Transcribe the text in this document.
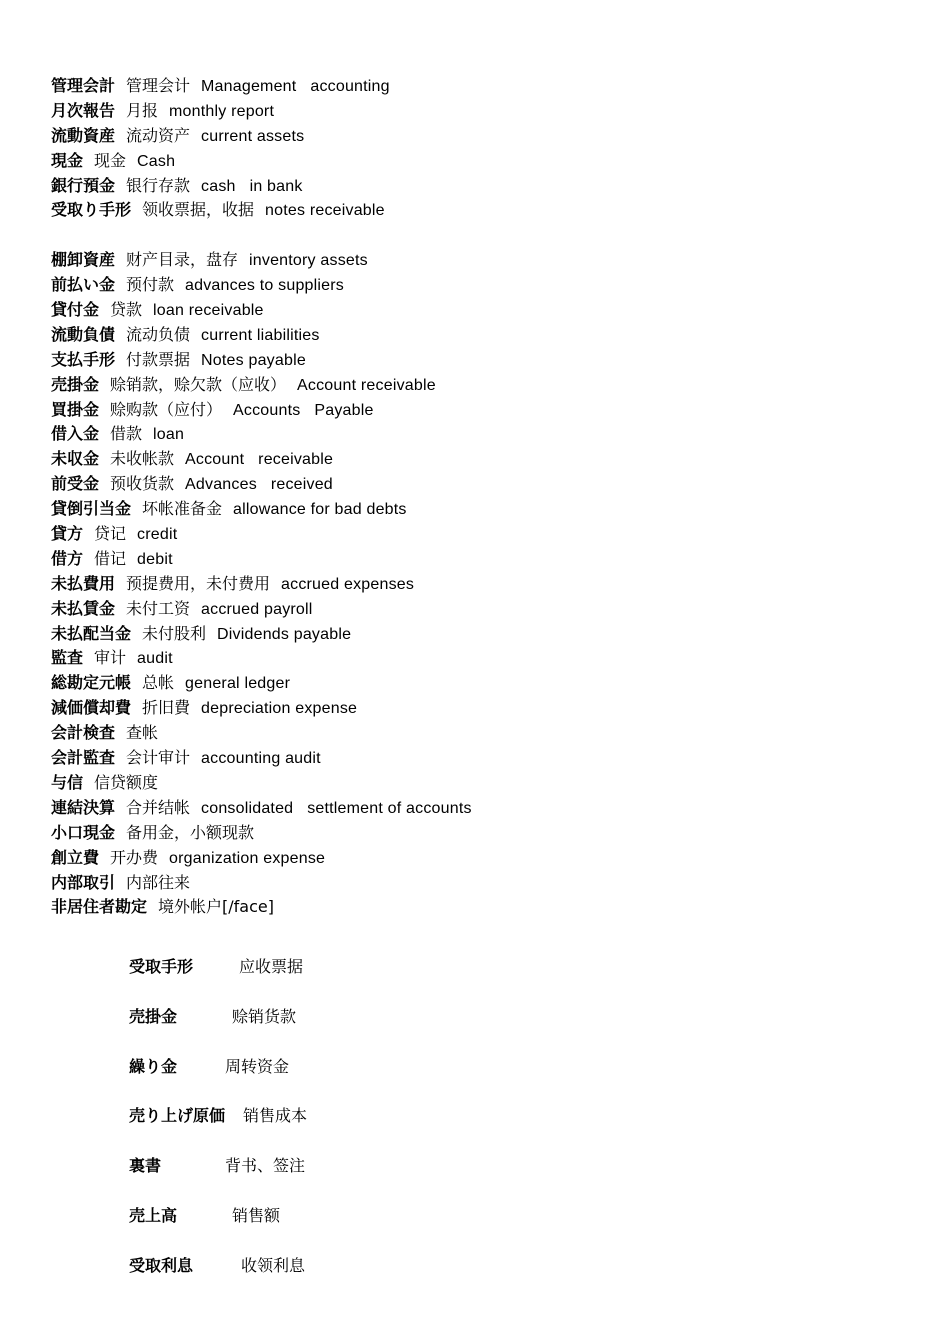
管理会計 管理会计 Management   accounting
月次報告 月报 monthly report
流動資産 流动资产 current assets
現金 现金 Cash
銀行預金 银行存款 cash   in bank
受取り手形 领收票据，收据 notes receivable
棚卸資産 财产目录，盘存 inventory assets
前払い金 预付款 advances to suppliers
貸付金 贷款 loan receivable
流動負債 流动负债 current liabilities
支払手形 付款票据 Notes payable
売掛金 赊销款，赊欠款（应收） Account receivable
買掛金 赊购款（应付） Accounts   Payable
借入金 借款 loan
未収金 未收帐款 Account   receivable
前受金 预收货款 Advances   received
貸倒引当金 坏帐准备金 allowance for bad debts
貸方 贷记 credit
借方 借记 debit
未払費用 预提费用，未付费用 accrued expenses
未払賃金 未付工资 accrued payroll
未払配当金 未付股利 Dividends payable
監査 审计 audit
総勘定元帳 总帐 general ledger
減価償却費 折旧費 depreciation expense
会計検査 查帐
会計監査 会计审计 accounting audit
与信 信贷额度
連結決算 合并结帐 consolidated   settlement of accounts
小口現金 备用金，小额现款
創立費 开办费 organization expense
内部取引 内部往来
非居住者勘定 境外帐户[/face]
受取手形	应收票据
売掛金	赊销货款
繰り金	周转资金
売り上げ原価 销售成本
裏書	背书、签注
売上高	销售额
受取利息	收领利息
